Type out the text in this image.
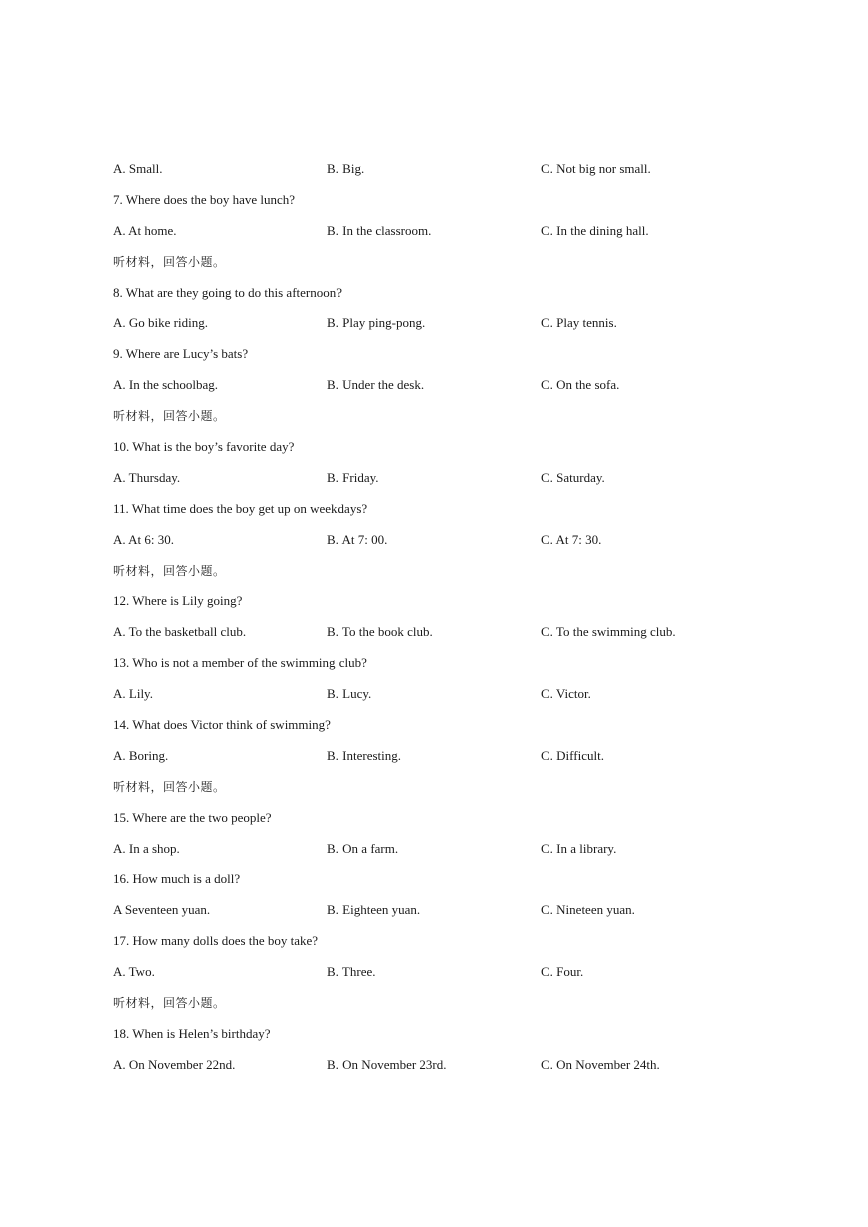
A. Small.	B. Big.	C. Not big nor small.
7. Where does the boy have lunch?
A. At home.	B. In the classroom.	C. In the dining hall.
听材料，回答小题。
8. What are they going to do this afternoon?
A. Go bike riding.	B. Play ping-pong.	C. Play tennis.
9. Where are Lucy’s bats?
A. In the schoolbag.	B. Under the desk.	C. On the sofa.
听材料，回答小题。
10. What is the boy’s favorite day?
A. Thursday.	B. Friday.	C. Saturday.
11. What time does the boy get up on weekdays?
A. At 6: 30.	B. At 7: 00.	C. At 7: 30.
听材料，回答小题。
12. Where is Lily going?
A. To the basketball club.	B. To the book club.	C. To the swimming club.
13. Who is not a member of the swimming club?
A. Lily.	B. Lucy.	C. Victor.
14. What does Victor think of swimming?
A. Boring.	B. Interesting.	C. Difficult.
听材料，回答小题。
15. Where are the two people?
A. In a shop.	B. On a farm.	C. In a library.
16. How much is a doll?
A Seventeen yuan.	B. Eighteen yuan.	C. Nineteen yuan.
17. How many dolls does the boy take?
A. Two.	B. Three.	C. Four.
听材料，回答小题。
18. When is Helen’s birthday?
A. On November 22nd.	B. On November 23rd.	C. On November 24th.
